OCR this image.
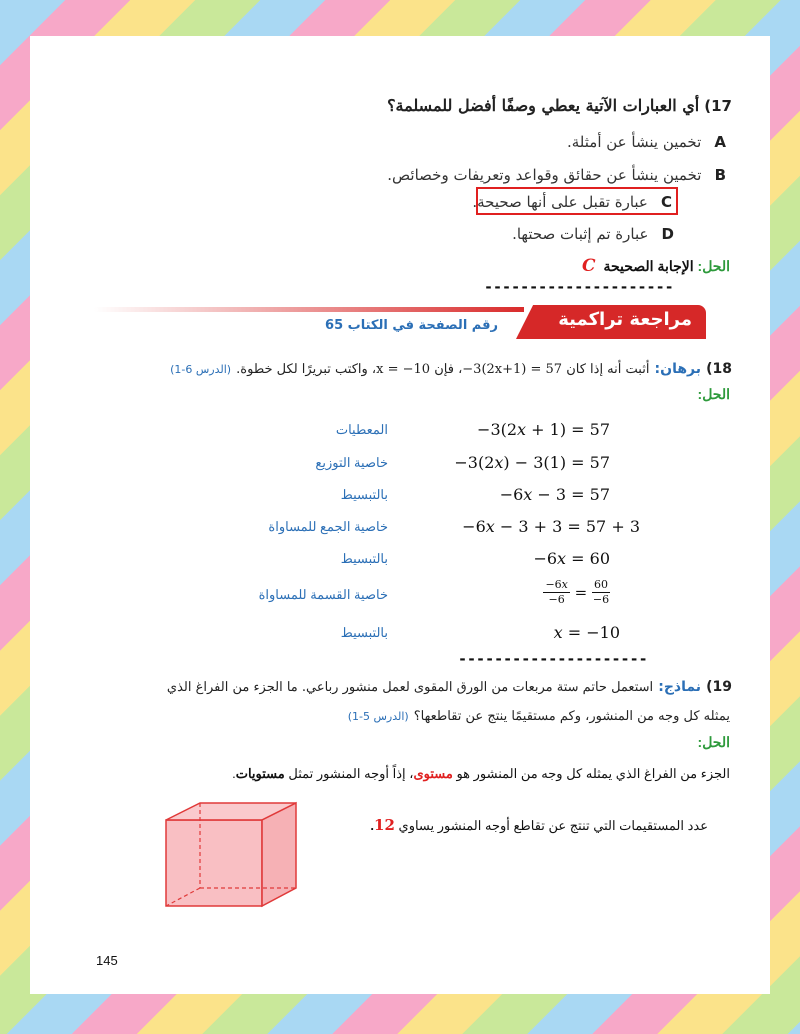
17) أي العبارات الآتية يعطي وصفًا أفضل للمسلمة؟
A تخمين ينشأ عن أمثلة.
B تخمين ينشأ عن حقائق وقواعد وتعريفات وخصائص.
C عبارة تقبل على أنها صحيحة.
D عبارة تم إثبات صحتها.
الحل: الإجابة الصحيحة C
---------------------
مراجعة تراكمية
رقم الصفحة في الكتاب 65
18) برهان: أثبت أنه إذا كان 57 = (2x+1)3−، فإن 10− = x، واكتب تبريرًا لكل خطوة. (الدرس 6-1)
الحل:
−3(2𝑥 + 1) = 57
المعطيات
−3(2𝑥) − 3(1) = 57
خاصية التوزيع
−6𝑥 − 3 = 57
بالتبسيط
−6𝑥 − 3 + 3 = 57 + 3
خاصية الجمع للمساواة
−6𝑥 = 60
بالتبسيط
$\frac{\text{−6𝑥}}{-6} = \frac{60}{-6}$
خاصية القسمة للمساواة
𝑥 = −10
بالتبسيط
---------------------
19) نماذج: استعمل حاتم ستة مربعات من الورق المقوى لعمل منشور رباعي. ما الجزء من الفراغ الذي
يمثله كل وجه من المنشور، وكم مستقيمًا ينتج عن تقاطعها؟ (الدرس 5-1)
الحل:
الجزء من الفراغ الذي يمثله كل وجه من المنشور هو مستوى، إذاً أوجه المنشور تمثل مستويات.
عدد المستقيمات التي تنتج عن تقاطع أوجه المنشور يساوي 12.
145
